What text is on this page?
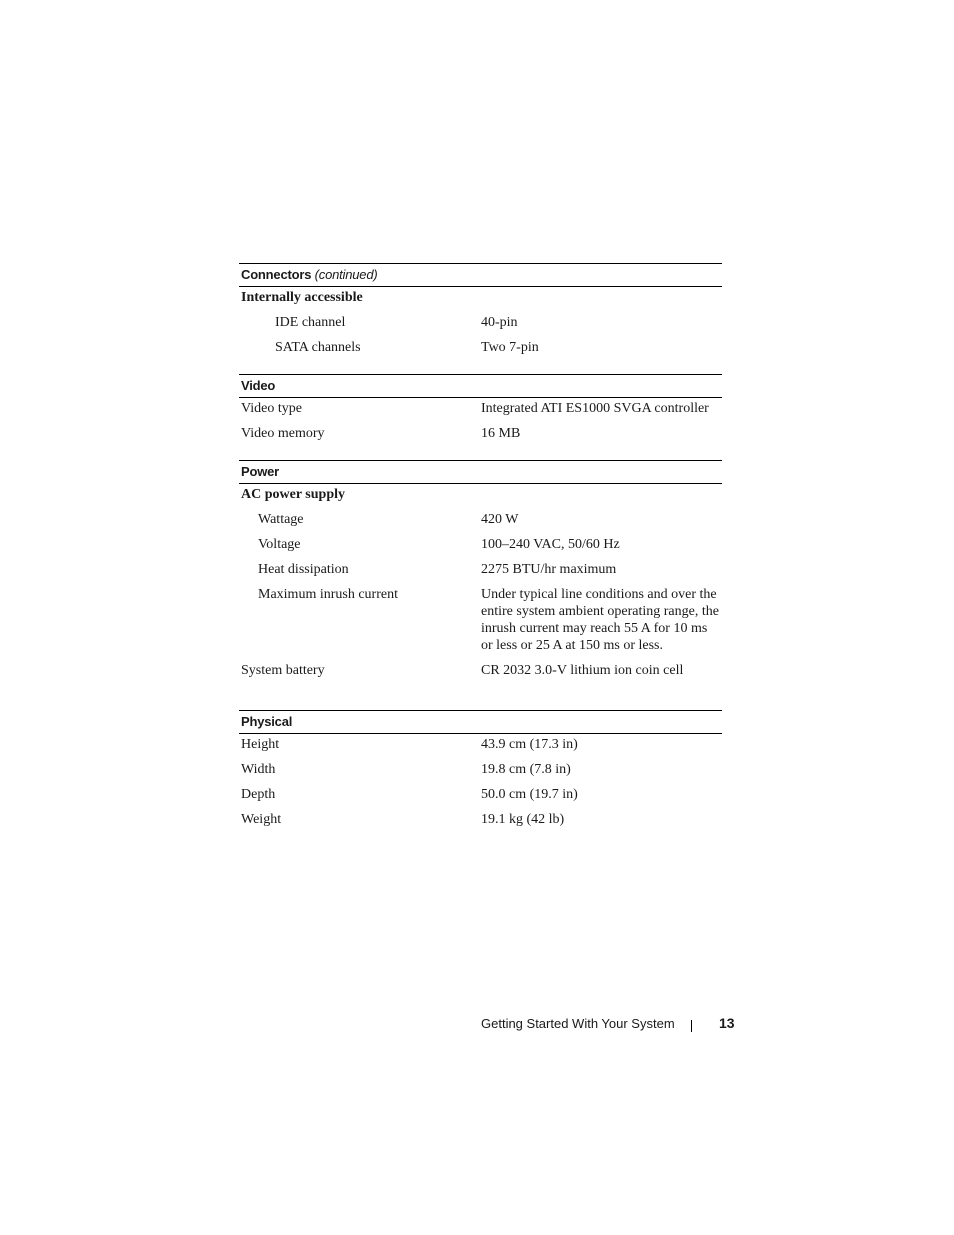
Connectors (continued)
Internally accessible
IDE channel	40-pin
SATA channels	Two 7-pin
Video
Video type	Integrated ATI ES1000 SVGA controller
Video memory	16 MB
Power
AC power supply
Wattage	420 W
Voltage	100–240 VAC, 50/60 Hz
Heat dissipation	2275 BTU/hr maximum
Maximum inrush current	Under typical line conditions and over the entire system ambient operating range, the inrush current may reach 55 A for 10 ms or less or 25 A at 150 ms or less.
System battery	CR 2032 3.0-V lithium ion coin cell
Physical
Height	43.9 cm (17.3 in)
Width	19.8 cm (7.8 in)
Depth	50.0 cm (19.7 in)
Weight	19.1 kg (42 lb)
Getting Started With Your System	13
